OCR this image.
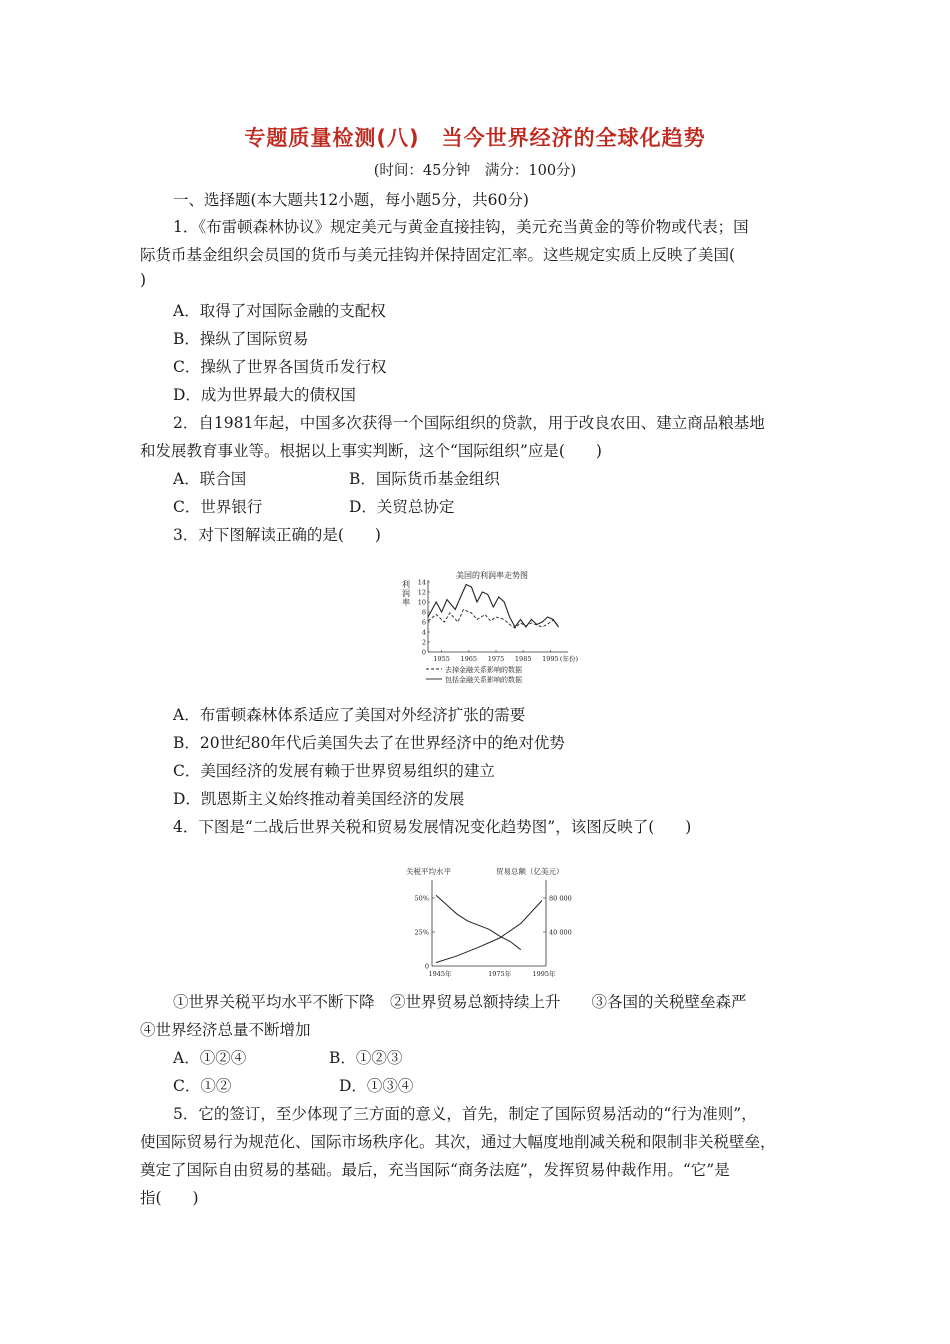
专题质量检测(八)　当今世界经济的全球化趋势
(时间：45分钟　满分：100分)
一、选择题(本大题共12小题，每小题5分，共60分)
1．《布雷顿森林协议》规定美元与黄金直接挂钩，美元充当黄金的等价物或代表；国
际货币基金组织会员国的货币与美元挂钩并保持固定汇率。这些规定实质上反映了美国(
)
A．取得了对国际金融的支配权
B．操纵了国际贸易
C．操纵了世界各国货币发行权
D．成为世界最大的债权国
2．自1981年起，中国多次获得一个国际组织的贷款，用于改良农田、建立商品粮基地
和发展教育事业等。根据以上事实判断，这个“国际组织”应是(　　)
A．联合国	B．国际货币基金组织
C．世界银行	D．关贸总协定
3．对下图解读正确的是(　　)
美国的利润率走势图
利
润
率
14
12
10
8
6
4
2
0
1955 1965 1975 1985 1995 (年份)
去掉金融关系影响的数据
包括金融关系影响的数据
A．布雷顿森林体系适应了美国对外经济扩张的需要
B．20世纪80年代后美国失去了在世界经济中的绝对优势
C．美国经济的发展有赖于世界贸易组织的建立
D．凯恩斯主义始终推动着美国经济的发展
4．下图是“二战后世界关税和贸易发展情况变化趋势图”，该图反映了(　　)
关税平均水平	贸易总额（亿美元）
50%
25%
0
80 000
40 000
1945年	1975年	1995年
①世界关税平均水平不断下降　②世界贸易总额持续上升　　③各国的关税壁垒森严
④世界经济总量不断增加
A．①②④	B．①②③
C．①②	D．①③④
5．它的签订，至少体现了三方面的意义，首先，制定了国际贸易活动的“行为准则”，
使国际贸易行为规范化、国际市场秩序化。其次，通过大幅度地削减关税和限制非关税壁垒，
奠定了国际自由贸易的基础。最后，充当国际“商务法庭”，发挥贸易仲裁作用。“它”是
指(　　)
